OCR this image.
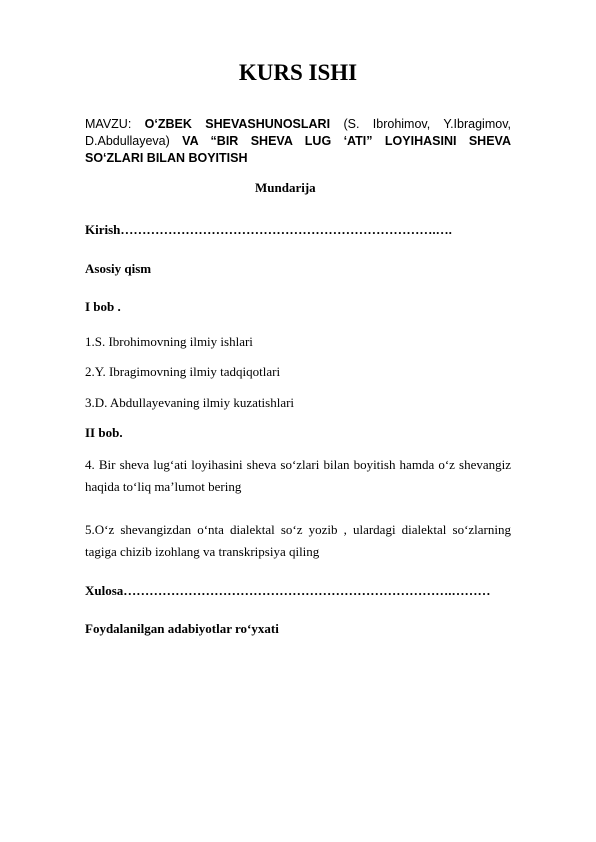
KURS ISHI
MAVZU: O‘ZBEK SHEVASHUNOSLARI (S. Ibrohimov, Y.Ibragimov,
D.Abdullayeva) VA “BIR SHEVA LUG ‘ATI” LOYIHASINI SHEVA
SO‘ZLARI BILAN BOYITISH
Mundarija
Kirish……………………………………………………………….….
Asosiy qism
I bob .
1.S. Ibrohimovning ilmiy ishlari
2.Y. Ibragimovning ilmiy tadqiqotlari
3.D. Abdullayevaning ilmiy kuzatishlari
II bob.
4. Bir sheva lug‘ati loyihasini sheva so‘zlari bilan boyitish hamda o‘z shevangiz
haqida to‘liq ma’lumot bering
5.O‘z shevangizdan o‘nta dialektal so‘z yozib , ulardagi dialektal so‘zlarning
tagiga chizib izohlang va transkripsiya qiling
Xulosa………………………………………………………………….………
Foydalanilgan adabiyotlar ro‘yxati
